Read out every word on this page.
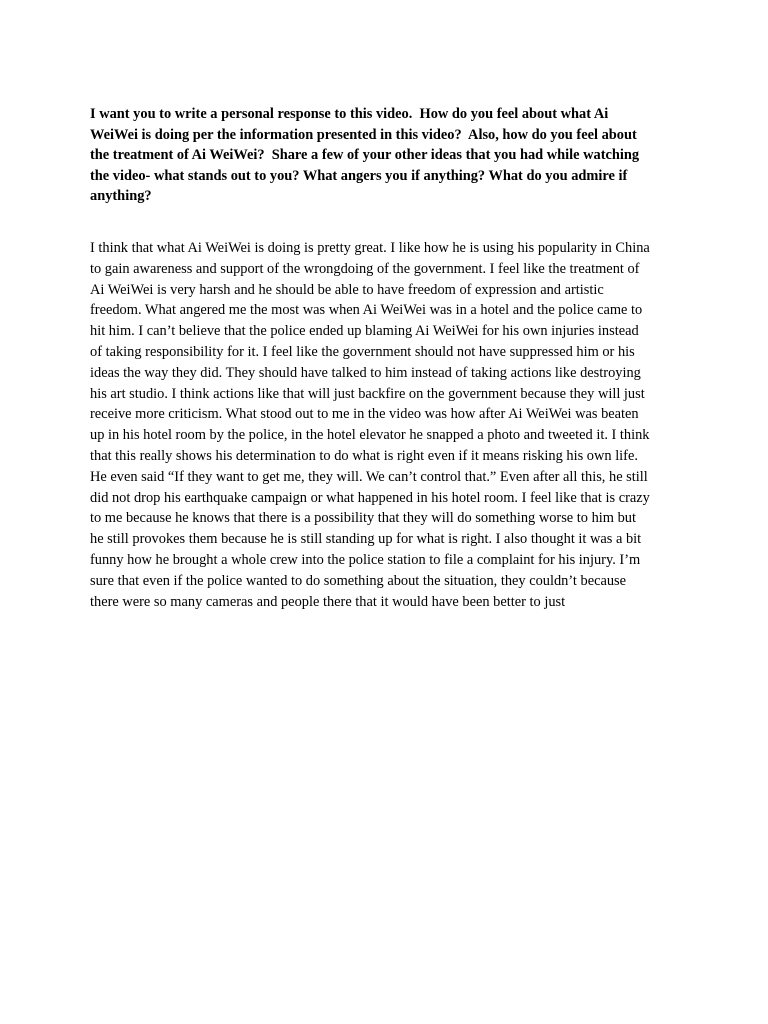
I want you to write a personal response to this video.  How do you feel about what Ai
WeiWei is doing per the information presented in this video?  Also, how do you feel about
the treatment of Ai WeiWei?  Share a few of your other ideas that you had while watching
the video- what stands out to you? What angers you if anything? What do you admire if
anything?
I think that what Ai WeiWei is doing is pretty great. I like how he is using his popularity in China
to gain awareness and support of the wrongdoing of the government. I feel like the treatment of
Ai WeiWei is very harsh and he should be able to have freedom of expression and artistic
freedom. What angered me the most was when Ai WeiWei was in a hotel and the police came to
hit him. I can’t believe that the police ended up blaming Ai WeiWei for his own injuries instead
of taking responsibility for it. I feel like the government should not have suppressed him or his
ideas the way they did. They should have talked to him instead of taking actions like destroying
his art studio. I think actions like that will just backfire on the government because they will just
receive more criticism. What stood out to me in the video was how after Ai WeiWei was beaten
up in his hotel room by the police, in the hotel elevator he snapped a photo and tweeted it. I think
that this really shows his determination to do what is right even if it means risking his own life.
He even said “If they want to get me, they will. We can’t control that.” Even after all this, he still
did not drop his earthquake campaign or what happened in his hotel room. I feel like that is crazy
to me because he knows that there is a possibility that they will do something worse to him but
he still provokes them because he is still standing up for what is right. I also thought it was a bit
funny how he brought a whole crew into the police station to file a complaint for his injury. I’m
sure that even if the police wanted to do something about the situation, they couldn’t because
there were so many cameras and people there that it would have been better to just
